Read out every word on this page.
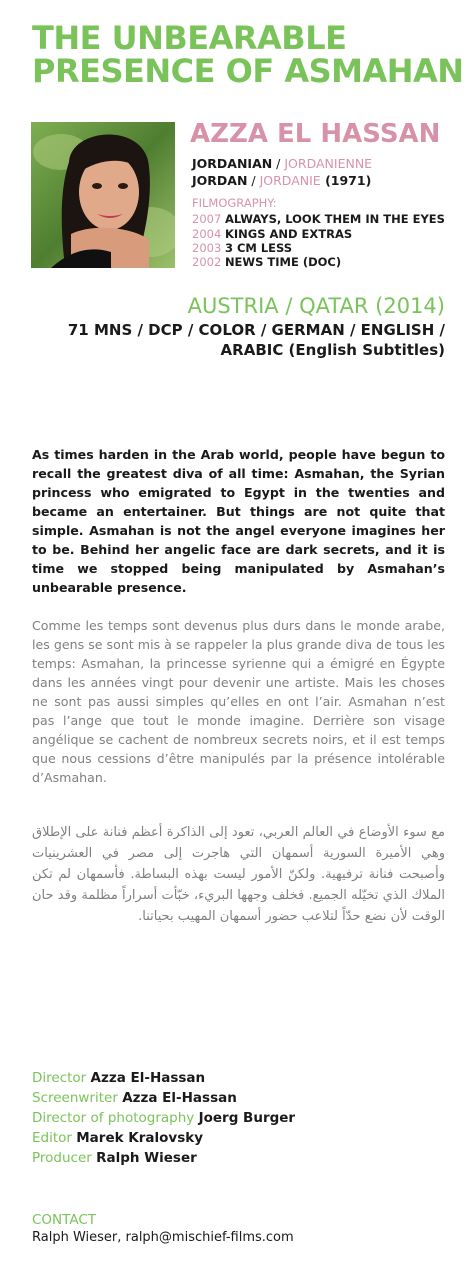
THE UNBEARABLE
PRESENCE OF ASMAHAN
AZZA EL HASSAN
JORDANIAN / JORDANIENNE
JORDAN / JORDANIE (1971)
FILMOGRAPHY:
2007 ALWAYS, LOOK THEM IN THE EYES
2004 KINGS AND EXTRAS
2003 3 CM LESS
2002 NEWS TIME (DOC)
AUSTRIA / QATAR (2014)
71 MNS / DCP / COLOR / GERMAN / ENGLISH /
ARABIC (English Subtitles)

As times harden in the Arab world, people have begun to recall the greatest diva of all time: Asmahan, the Syrian princess who emigrated to Egypt in the twenties and became an entertainer. But things are not quite that simple. Asmahan is not the angel everyone imagines her to be. Behind her angelic face are dark secrets, and it is time we stopped being manipulated by Asmahan’s unbearable presence.

Comme les temps sont devenus plus durs dans le monde arabe, les gens se sont mis à se rappeler la plus grande diva de tous les temps: Asmahan, la princesse syrienne qui a émigré en Égypte dans les années vingt pour devenir une artiste. Mais les choses ne sont pas aussi simples qu’elles en ont l’air. Asmahan n’est pas l’ange que tout le monde imagine. Derrière son visage angélique se cachent de nombreux secrets noirs, et il est temps que nous cessions d’être manipulés par la présence intolérable d’Asmahan.

مع سوء الأوضاع في العالم العربي، تعود إلى الذاكرة أعظم فنانة على الإطلاق وهي الأميرة السورية أسمهان التي هاجرت إلى مصر في العشرينيات وأصبحت فنانة ترفيهية. ولكنّ الأمور ليست بهذه البساطة. فأسمهان لم تكن الملاك الذي تخيّله الجميع. فخلف وجهها البريء، خبّأت أسراراً مظلمة وقد حان الوقت لأن نضع حدّاً لتلاعب حضور أسمهان المهيب بحياتنا.

Director Azza El-Hassan
Screenwriter Azza El-Hassan
Director of photography Joerg Burger
Editor Marek Kralovsky
Producer Ralph Wieser
CONTACT
Ralph Wieser, ralph@mischief-films.com
